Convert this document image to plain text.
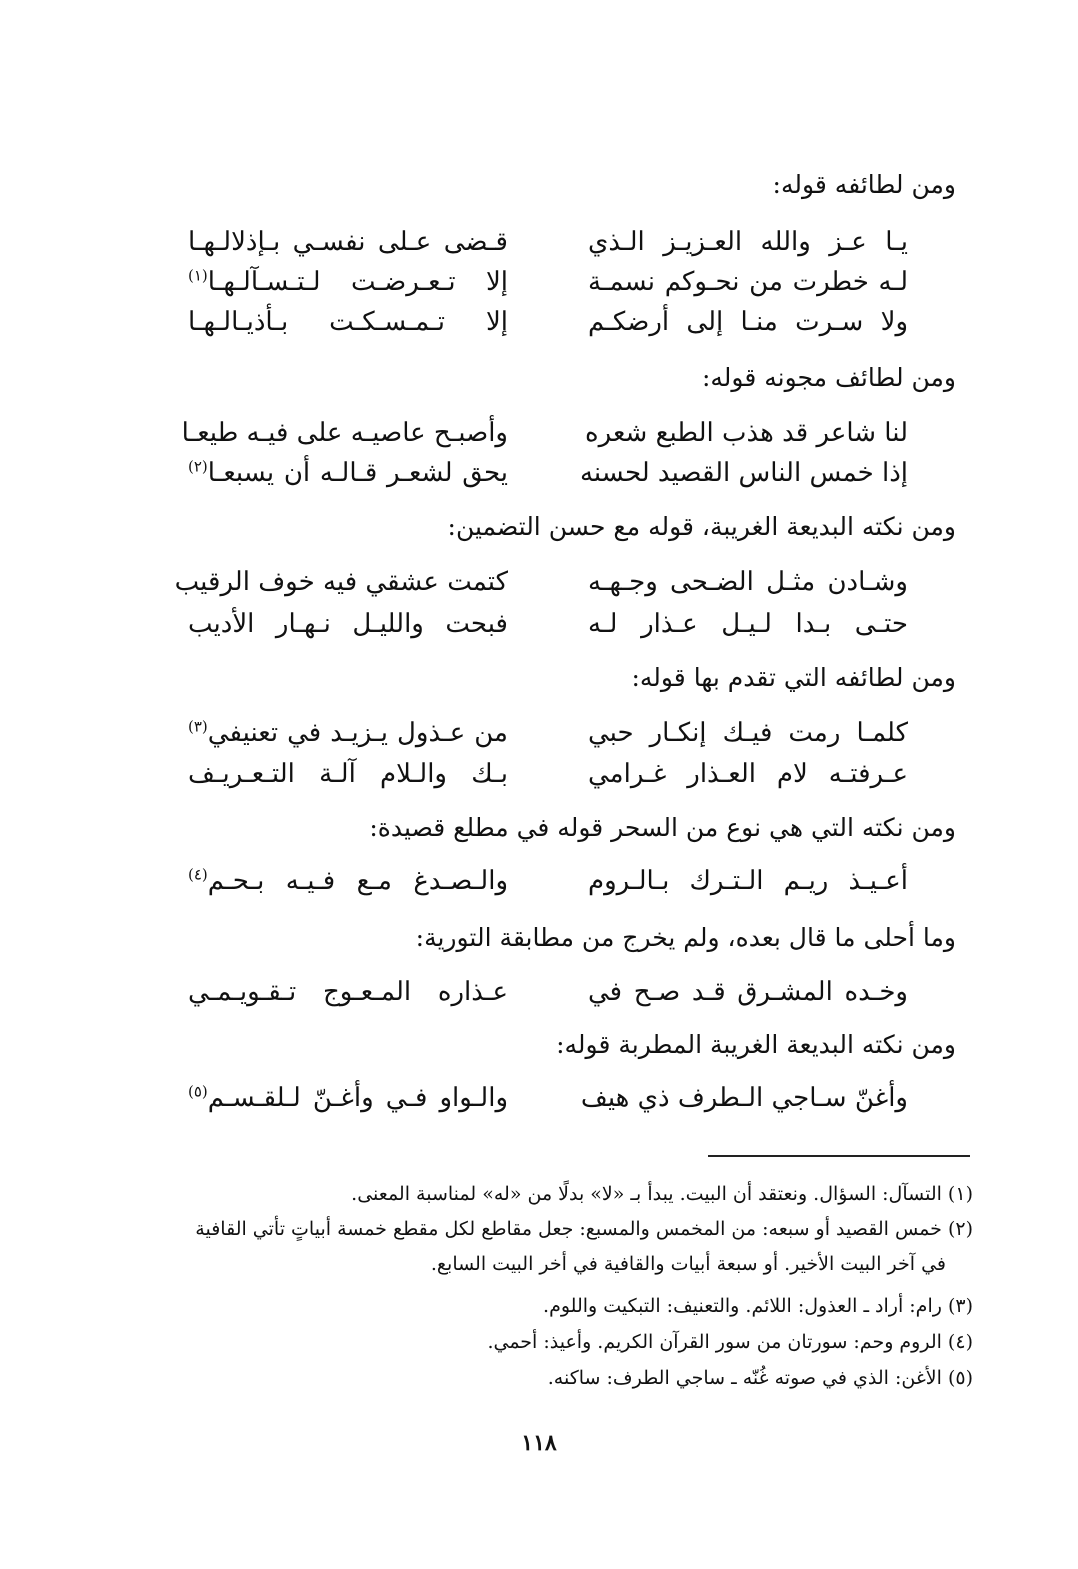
ومن لطائفه قوله:
يـا عـز والله العـزيـز الـذي
قـضى عـلى نفسـي بـإذلالـهـا
لـه خطرت من نحـوكم نسمـة
إلا تـعـرضـت لـتـسـآلـهـا$^{(١)}$
ولا سـرت منـا إلى أرضكـم
إلا تـمـسـكـت بـأذيـالـهـا
ومن لطائف مجونه قوله:
لنا شاعر قد هذب الطبع شعره
وأصبـح عاصيـه على فيـه طيعـا
إذا خمس الناس القصيد لحسنه
يحق لشعـر قـالـه أن يسبعـا$^{(٢)}$
ومن نكته البديعة الغريبة، قوله مع حسن التضمين:
وشـادن مثـل الضـحى وجـهـه
كتمت عشقي فيه خوف الرقيب
حتـى بـدا لـيـل عـذار لـه
فبحت والليـل نـهـار الأديب
ومن لطائفه التي تقدم بها قوله:
كلمـا رمت فيـك إنكـار حبي
من عـذول يـزيـد في تعنيفي$^{(٣)}$
عـرفتـه لام العـذار غـرامي
بـك والـلام آلـة التـعـريـف
ومن نكته التي هي نوع من السحر قوله في مطلع قصيدة:
أعـيـذ ريـم الـتـرك بـالـروم
والـصـدغ مـع فـيـه بـحـم$^{(٤)}$
وما أحلى ما قال بعده، ولم يخرج من مطابقة التورية:
وخـده المشـرق قـد صـح في
عـذاره المـعـوج تـقـويـمـي
ومن نكته البديعة الغريبة المطربة قوله:
وأغنّ سـاجي الـطرف ذي هيف
والـواو فـي وأغـنّ لـلقـسـم$^{(٥)}$
(١) التسآل: السؤال. ونعتقد أن البيت. يبدأ بـ «لا» بدلًا من «له» لمناسبة المعنى.
(٢) خمس القصيد أو سبعه: من المخمس والمسبع: جعل مقاطع لكل مقطع خمسة أبياتٍ تأتي القافية
في آخر البيت الأخير. أو سبعة أبيات والقافية في أخر البيت السابع.
(٣) رام: أراد ـ العذول: اللائم. والتعنيف: التبكيت واللوم.
(٤) الروم وحم: سورتان من سور القرآن الكريم. وأعيذ: أحمي.
(٥) الأغن: الذي في صوته غُنّه ـ ساجي الطرف: ساكنه.
١١٨
